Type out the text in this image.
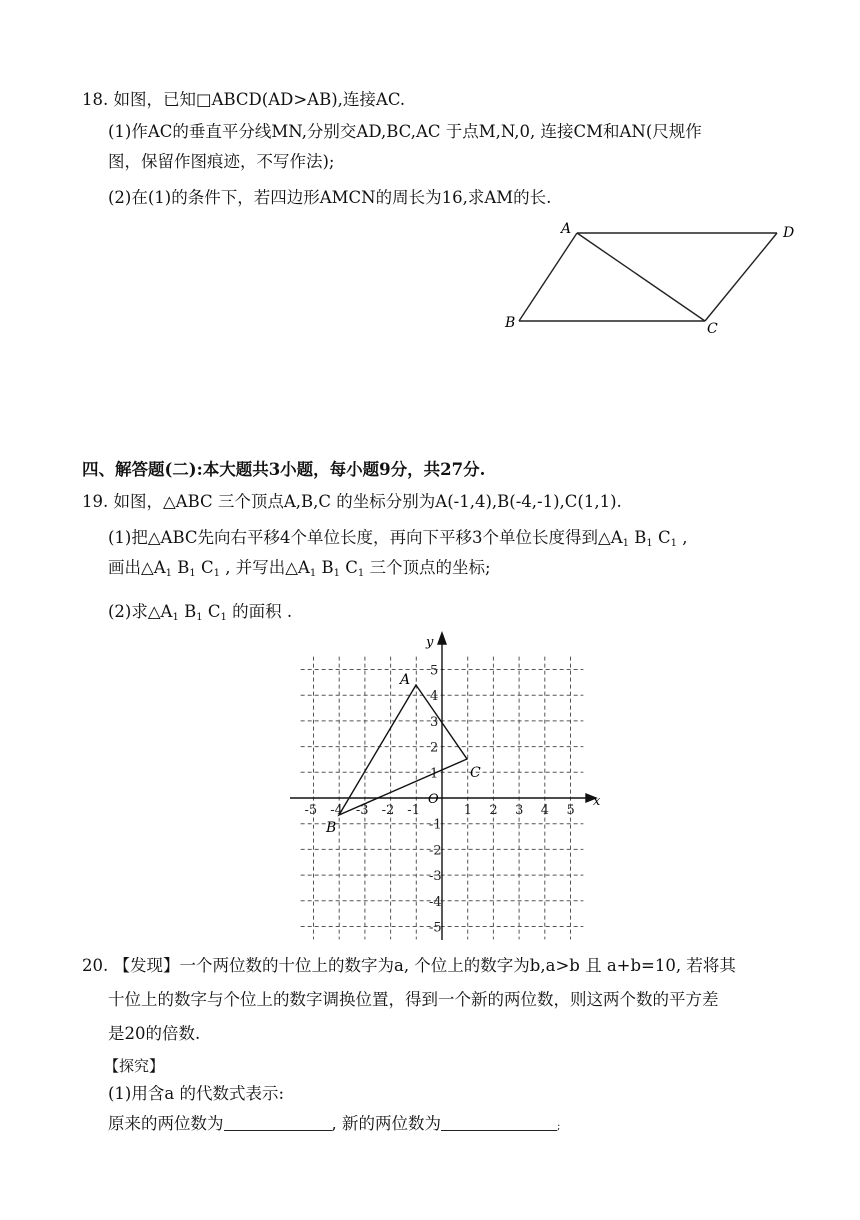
18. 如图，已知□ABCD(AD>AB),连接AC.
(1)作AC的垂直平分线MN,分别交AD,BC,AC 于点M,N,0, 连接CM和AN(尺规作
图，保留作图痕迹，不写作法);
(2)在(1)的条件下，若四边形AMCN的周长为16,求AM的长.
A	D
B	C
四、解答题(二):本大题共3小题，每小题9分，共27分.
19. 如图，△ABC 三个顶点A,B,C 的坐标分别为A(-1,4),B(-4,-1),C(1,1).
(1)把△ABC先向右平移4个单位长度，再向下平移3个单位长度得到$\triangle A_1$ $B_1$ $C_1$ ,
画出$\triangle A_1$ $B_1$ $C_1$ , 并写出$\triangle A_1$ $B_1$ $C_1$ 三个顶点的坐标;
(2)求$\triangle A_1$ $B_1$ $C_1$ 的面积 .
-5 -4 -3 -2 -1	1 2 3 4 5
5
4
3
2
1
-1
-2
-3
-4
-5
y
x
O
A
B
C
20. 【发现】一个两位数的十位上的数字为a, 个位上的数字为b,a>b 且 a+b=10, 若将其
十位上的数字与个位上的数字调换位置，得到一个新的两位数，则这两个数的平方差
是20的倍数.
【探究】
(1)用含a 的代数式表示:
原来的两位数为	, 新的两位数为	;
